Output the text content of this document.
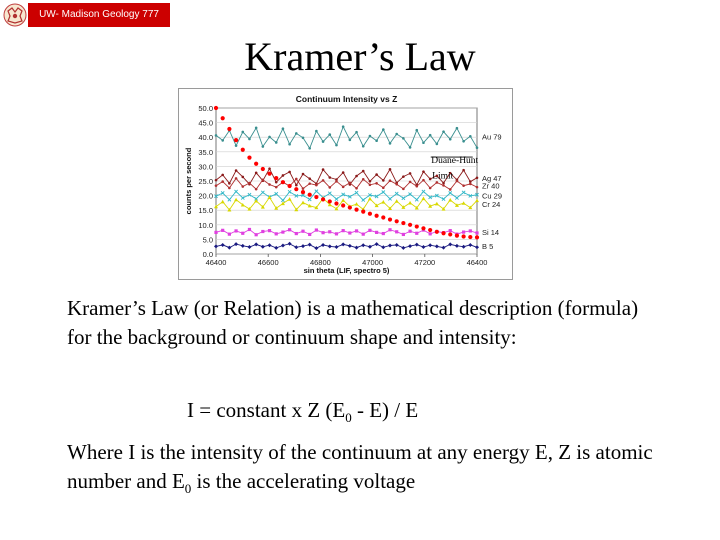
UW- Madison Geology 777
Kramer’s Law
0.0
5.0
10.0
15.0
20.0
25.0
30.0
35.0
40.0
45.0
50.0
46400	46600	46800	47000	47200	46400
Continuum Intensity vs Z
sin theta (LIF, spectro 5)
counts per second
Au 79
Ag 47
Zr 40
Cu 29
Cr 24
Si 14
B 5
Duane-Hunt
Limit

Kramer’s Law (or Relation) is a mathematical description (formula) for the background or continuum shape and intensity:

I = constant x Z $(E_0 - E)$ / E

Where I is the intensity of the continuum at any energy E, Z is atomic number and $E_0$ is the accelerating voltage
